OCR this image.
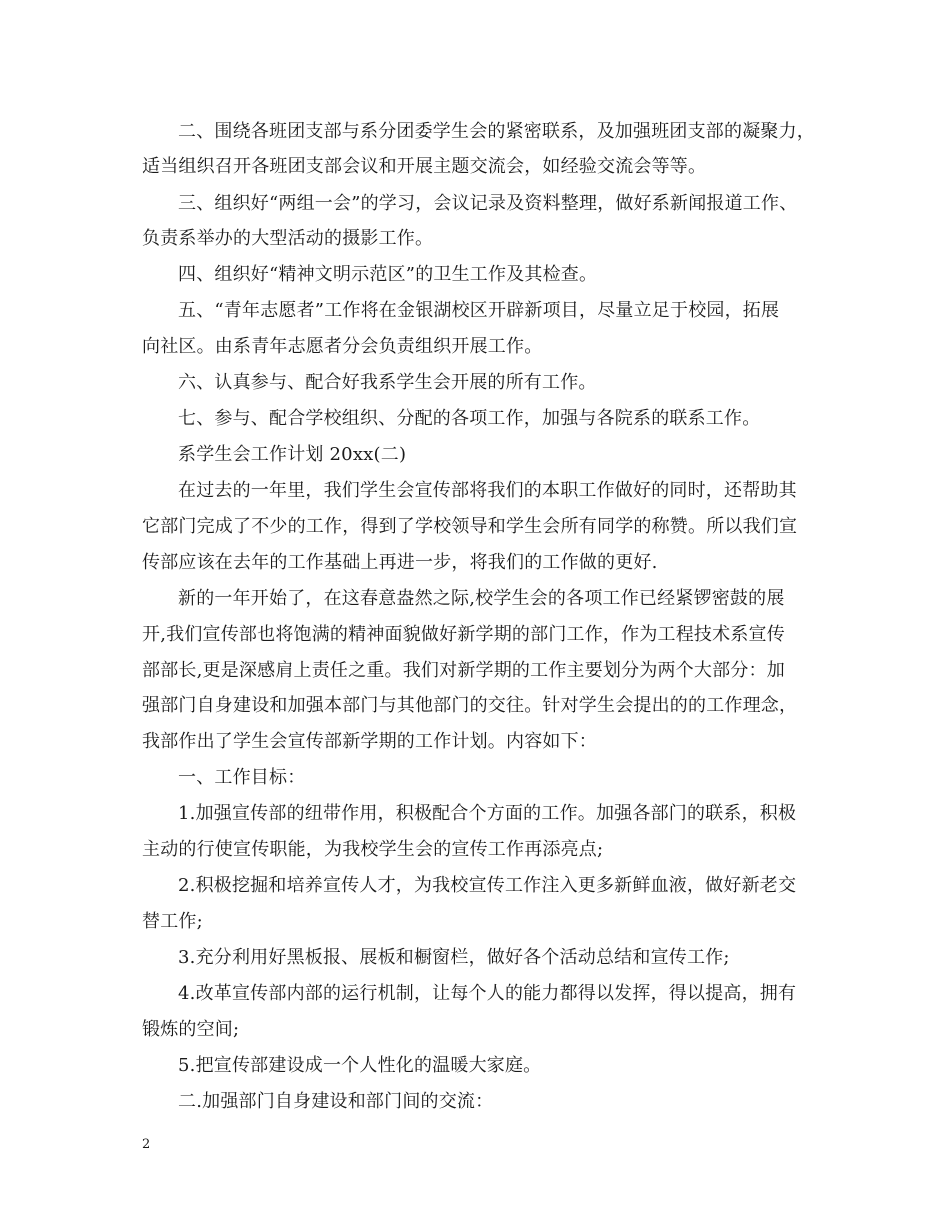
二、围绕各班团支部与系分团委学生会的紧密联系，及加强班团支部的凝聚力，
适当组织召开各班团支部会议和开展主题交流会，如经验交流会等等。
三、组织好“两组一会”的学习，会议记录及资料整理，做好系新闻报道工作、
负责系举办的大型活动的摄影工作。
四、组织好“精神文明示范区”的卫生工作及其检查。
五、“青年志愿者”工作将在金银湖校区开辟新项目，尽量立足于校园，拓展
向社区。由系青年志愿者分会负责组织开展工作。
六、认真参与、配合好我系学生会开展的所有工作。
七、参与、配合学校组织、分配的各项工作，加强与各院系的联系工作。
系学生会工作计划 20xx(二)
在过去的一年里，我们学生会宣传部将我们的本职工作做好的同时，还帮助其
它部门完成了不少的工作，得到了学校领导和学生会所有同学的称赞。所以我们宣
传部应该在去年的工作基础上再进一步，将我们的工作做的更好.
新的一年开始了，在这春意盎然之际,校学生会的各项工作已经紧锣密鼓的展
开,我们宣传部也将饱满的精神面貌做好新学期的部门工作，作为工程技术系宣传
部部长,更是深感肩上责任之重。我们对新学期的工作主要划分为两个大部分：加
强部门自身建设和加强本部门与其他部门的交往。针对学生会提出的的工作理念，
我部作出了学生会宣传部新学期的工作计划。内容如下：
一、工作目标：
1.加强宣传部的纽带作用，积极配合个方面的工作。加强各部门的联系，积极
主动的行使宣传职能，为我校学生会的宣传工作再添亮点;
2.积极挖掘和培养宣传人才，为我校宣传工作注入更多新鲜血液，做好新老交
替工作;
3.充分利用好黑板报、展板和橱窗栏，做好各个活动总结和宣传工作;
4.改革宣传部内部的运行机制，让每个人的能力都得以发挥，得以提高，拥有
锻炼的空间;
5.把宣传部建设成一个人性化的温暖大家庭。
二.加强部门自身建设和部门间的交流：
2
